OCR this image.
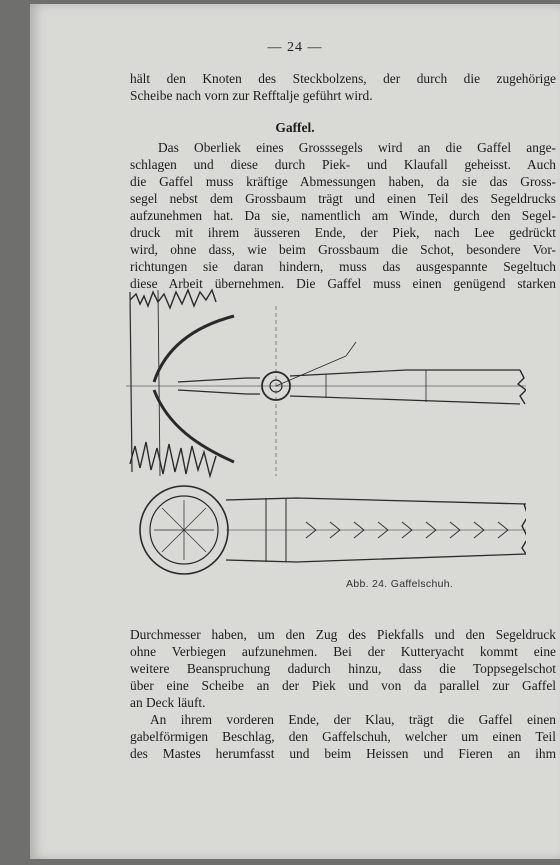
— 24 —

hält den Knoten des Steckbolzens, der durch die zugehörige
Scheibe nach vorn zur Refftalje geführt wird.

Gaffel.

Das Oberliek eines Grosssegels wird an die Gaffel ange-
schlagen und diese durch Piek- und Klaufall geheisst. Auch
die Gaffel muss kräftige Abmessungen haben, da sie das Gross-
segel nebst dem Grossbaum trägt und einen Teil des Segeldrucks
aufzunehmen hat. Da sie, namentlich am Winde, durch den Segel-
druck mit ihrem äusseren Ende, der Piek, nach Lee gedrückt
wird, ohne dass, wie beim Grossbaum die Schot, besondere Vor-
richtungen sie daran hindern, muss das ausgespannte Segeltuch
diese Arbeit übernehmen. Die Gaffel muss einen genügend starken

Abb. 24. Gaffelschuh.

Durchmesser haben, um den Zug des Piekfalls und den Segeldruck
ohne Verbiegen aufzunehmen. Bei der Kutteryacht kommt eine
weitere Beanspruchung dadurch hinzu, dass die Toppsegelschot
über eine Scheibe an der Piek und von da parallel zur Gaffel
an Deck läuft.

An ihrem vorderen Ende, der Klau, trägt die Gaffel einen
gabelförmigen Beschlag, den Gaffelschuh, welcher um einen Teil
des Mastes herumfasst und beim Heissen und Fieren an ihm
